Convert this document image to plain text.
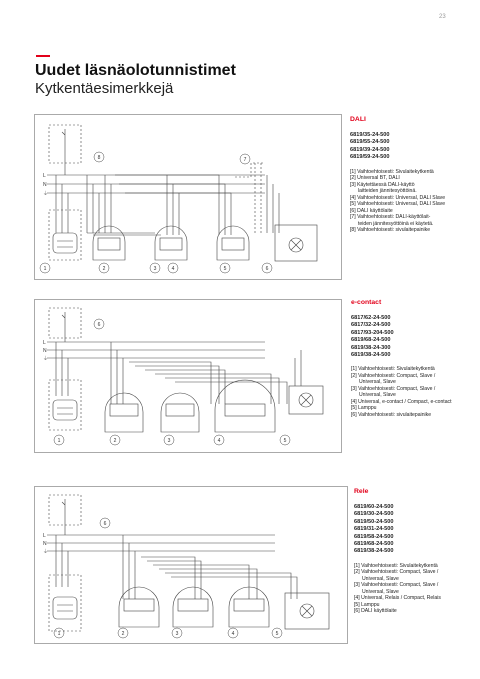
23
Uudet läsnäolotunnistimet
Kytkentäesimerkkejä
L
N
⏚
1	2	3	4	5	6
7
8
DALI
6819/35-24-500
6819/55-24-500
6819/39-24-500
6819/59-24-500
[1] Vaihtoehtoisesti: Sivulaitekytkentä
[2] Universal BT, DALI
[3] Käytettäessä DALI-käyttö
laitteiden jännitesyöttöinä.
[4] Vaihtoehtoisesti: Universal, DALI Slave
[5] Vaihtoehtoisesti: Universal, DALI Slave
[6] DALI käyttölaite
[7] Vaihtoehtoisesti: DALI-käyttölait-
teiden jännitesyöttöinä ei käytetä.
[8] Vaihtoehtoisesti: sivulaitepainike
L
N
⏚
1	2	3	4	5
6
e-contact
6817/62-24-500
6817/32-24-500
6817/93-204-500
6819/68-24-500
6819/38-24-300
6819/38-24-500
[1] Vaihtoehtoisesti: Sivulaitekytkentä
[2] Vaihtoehtoisesti: Compact, Slave /
Universal, Slave
[3] Vaihtoehtoisesti: Compact, Slave /
Universal, Slave
[4] Universal, e-contact / Compact, e-contact
[5] Lamppu
[6] Vaihtoehtoisesti: sivulaitepainike
L
N
⏚
1	2	3	4	5
6
Rele
6819/60-24-500
6819/30-24-500
6819/50-24-500
6819/31-24-500
6819/58-24-500
6819/68-24-500
6819/38-24-500
[1] Vaihtoehtoisesti: Sivulaitekytkentä
[2] Vaihtoehtoisesti: Compact, Slave /
Universal, Slave
[3] Vaihtoehtoisesti: Compact, Slave /
Universal, Slave
[4] Universal, Relais / Compact, Relais
[5] Lamppu
[6] DALI käyttölaite
